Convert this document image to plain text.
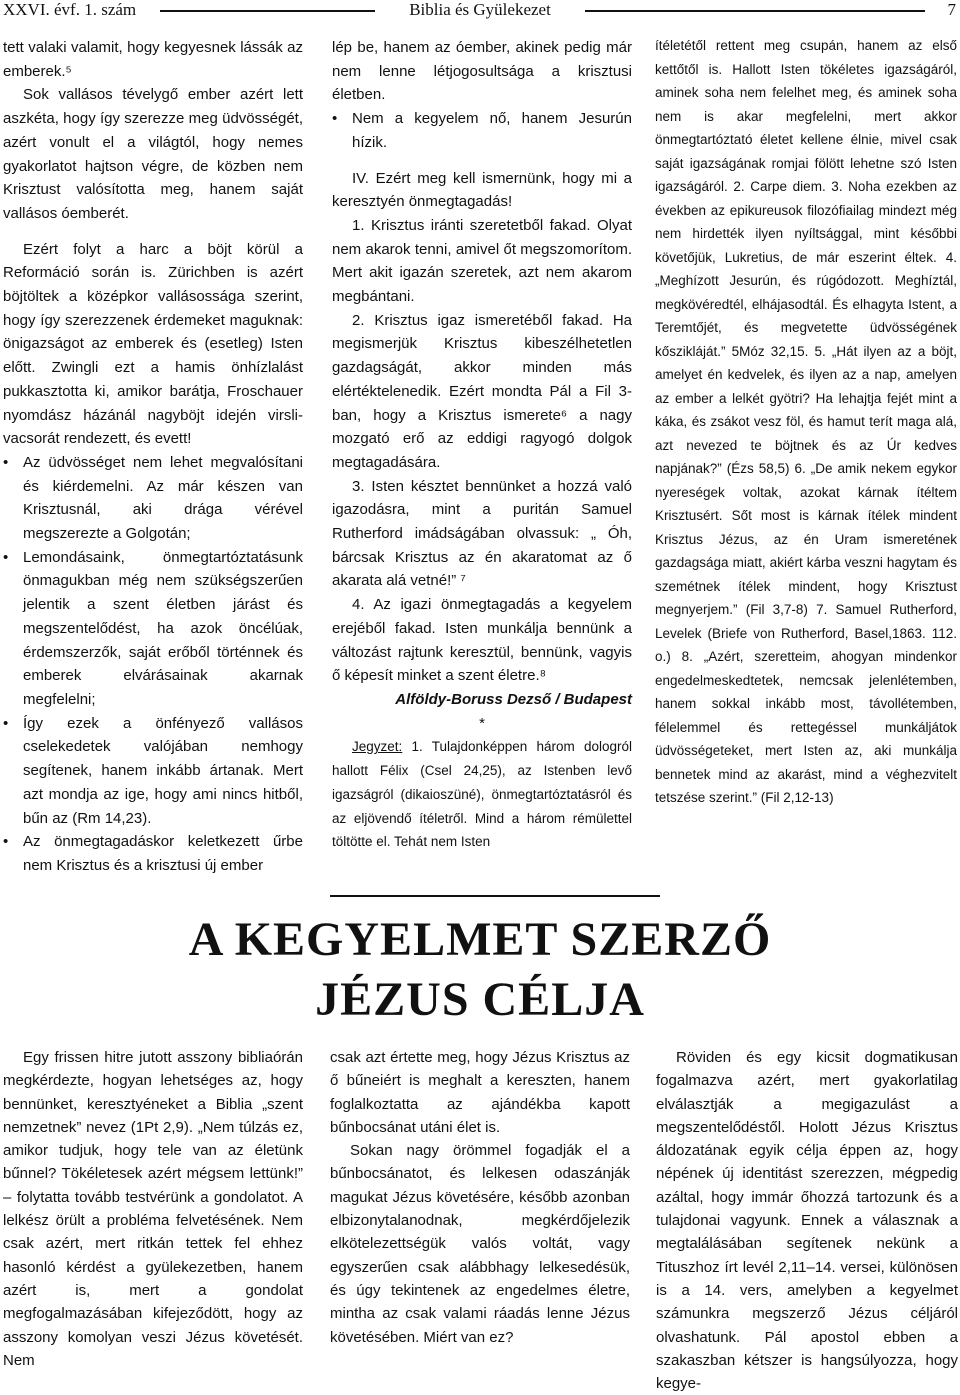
XXVI. évf. 1. szám	Biblia és Gyülekezet	7

tett valaki valamit, hogy kegyesnek lássák az emberek.⁵

Sok vallásos tévelygő ember azért lett aszkéta, hogy így szerezze meg üdvösségét, azért vonult el a világtól, hogy nemes gyakorlatot hajtson végre, de közben nem Krisztust valósította meg, hanem saját vallásos óemberét.

Ezért folyt a harc a böjt körül a Reformáció során is. Zürichben is azért böjtöltek a középkor vallásossága szerint, hogy így szerezzenek érdemeket maguknak: önigazságot az emberek és (esetleg) Isten előtt. Zwingli ezt a hamis önhízlalást pukkasztotta ki, amikor barátja, Froschauer nyomdász házánál nagyböjt idején virsli-vacsorát rendezett, és evett!

• Az üdvösséget nem lehet megvalósítani és kiérdemelni. Az már készen van Krisztusnál, aki drága vérével megszerezte a Golgotán;

• Lemondásaink, önmegtartóztatásunk önmagukban még nem szükségszerűen jelentik a szent életben járást és megszentelődést, ha azok öncélúak, érdemszerzők, saját erőből történnek és emberek elvárásainak akarnak megfelelni;

• Így ezek a önfényező vallásos cselekedetek valójában nemhogy segítenek, hanem inkább ártanak. Mert azt mondja az ige, hogy ami nincs hitből, bűn az (Rm 14,23).

• Az önmegtagadáskor keletkezett űrbe nem Krisztus és a krisztusi új ember

lép be, hanem az óember, akinek pedig már nem lenne létjogosultsága a krisztusi életben.

• Nem a kegyelem nő, hanem Jesurún hízik.

IV. Ezért meg kell ismernünk, hogy mi a keresztyén önmegtagadás!

1. Krisztus iránti szeretetből fakad. Olyat nem akarok tenni, amivel őt megszomorítom. Mert akit igazán szeretek, azt nem akarom megbántani.

2. Krisztus igaz ismeretéből fakad. Ha megismerjük Krisztus kibeszélhetetlen gazdagságát, akkor minden más elértéktelenedik. Ezért mondta Pál a Fil 3-ban, hogy a Krisztus ismerete⁶ a nagy mozgató erő az eddigi ragyogó dolgok megtagadására.

3. Isten késztet bennünket a hozzá való igazodásra, mint a puritán Samuel Rutherford imádságában olvassuk: „ Óh, bárcsak Krisztus az én akaratomat az ő akarata alá vetné!” ⁷

4. Az igazi önmegtagadás a kegyelem erejéből fakad. Isten munkálja bennünk a változást rajtunk keresztül, bennünk, vagyis ő képesít minket a szent életre.⁸

Alföldy-Boruss Dezső / Budapest

*

Jegyzet: 1. Tulajdonképpen három dologról hallott Félix (Csel 24,25), az Istenben levő igazságról (dikaioszüné), önmegtartóztatásról és az eljövendő ítéletről. Mind a három rémülettel töltötte el. Tehát nem Isten

ítéletétől rettent meg csupán, hanem az első kettőtől is. Hallott Isten tökéletes igazságáról, aminek soha nem felelhet meg, és aminek soha nem is akar megfelelni, mert akkor önmegtartóztató életet kellene élnie, mivel csak saját igazságának romjai fölött lehetne szó Isten igazságáról. 2. Carpe diem. 3. Noha ezekben az években az epikureusok filozófiailag mindezt még nem hirdették ilyen nyíltsággal, mint későbbi követőjük, Lukretius, de már eszerint éltek. 4. „Meghízott Jesurún, és rúgódozott. Meghíztál, megkövéredtél, elhájasodtál. És elhagyta Istent, a Teremtőjét, és megvetette üdvösségének kőszikláját.” 5Móz 32,15. 5. „Hát ilyen az a böjt, amelyet én kedvelek, és ilyen az a nap, amelyen az ember a lelkét gyötri? Ha lehajtja fejét mint a káka, és zsákot vesz föl, és hamut terít maga alá, azt nevezed te böjtnek és az Úr kedves napjának?” (Ézs 58,5) 6. „De amik nekem egykor nyereségek voltak, azokat kárnak ítéltem Krisztusért. Sőt most is kárnak ítélek mindent Krisztus Jézus, az én Uram ismeretének gazdagsága miatt, akiért kárba veszni hagytam és szemétnek ítélek mindent, hogy Krisztust megnyerjem.” (Fil 3,7-8) 7. Samuel Rutherford, Levelek (Briefe von Rutherford, Basel,1863. 112. o.) 8. „Azért, szeretteim, ahogyan mindenkor engedelmeskedtetek, nemcsak jelenlétemben, hanem sokkal inkább most, távollétemben, félelemmel és rettegéssel munkáljátok üdvösségeteket, mert Isten az, aki munkálja bennetek mind az akarást, mind a véghezvitelt tetszése szerint.” (Fil 2,12-13)

A KEGYELMET SZERZŐ
JÉZUS CÉLJA

Egy frissen hitre jutott asszony bibliaórán megkérdezte, hogyan lehetséges az, hogy bennünket, keresztyéneket a Biblia „szent nemzetnek” nevez (1Pt 2,9). „Nem túlzás ez, amikor tudjuk, hogy tele van az életünk bűnnel? Tökéletesek azért mégsem lettünk!” – folytatta tovább testvérünk a gondolatot. A lelkész örült a probléma felvetésének. Nem csak azért, mert ritkán tettek fel ehhez hasonló kérdést a gyülekezetben, hanem azért is, mert a gondolat megfogalmazásában kifejeződött, hogy az asszony komolyan veszi Jézus követését. Nem

csak azt értette meg, hogy Jézus Krisztus az ő bűneiért is meghalt a kereszten, hanem foglalkoztatta az ajándékba kapott bűnbocsánat utáni élet is.

Sokan nagy örömmel fogadják el a bűnbocsánatot, és lelkesen odaszánják magukat Jézus követésére, később azonban elbizonytalanodnak, megkérdőjelezik elkötelezettségük valós voltát, vagy egyszerűen csak alábbhagy lelkesedésük, és úgy tekintenek az engedelmes életre, mintha az csak valami ráadás lenne Jézus követésében. Miért van ez?

Röviden és egy kicsit dogmatikusan fogalmazva azért, mert gyakorlatilag elválasztják a megigazulást a megszentelődéstől. Holott Jézus Krisztus áldozatának egyik célja éppen az, hogy népének új identitást szerezzen, mégpedig azáltal, hogy immár őhozzá tartozunk és a tulajdonai vagyunk. Ennek a válasznak a megtalálásában segítenek nekünk a Tituszhoz írt levél 2,11–14. versei, különösen is a 14. vers, amelyben a kegyelmet számunkra megszerző Jézus céljáról olvashatunk. Pál apostol ebben a szakaszban kétszer is hangsúlyozza, hogy kegye-
